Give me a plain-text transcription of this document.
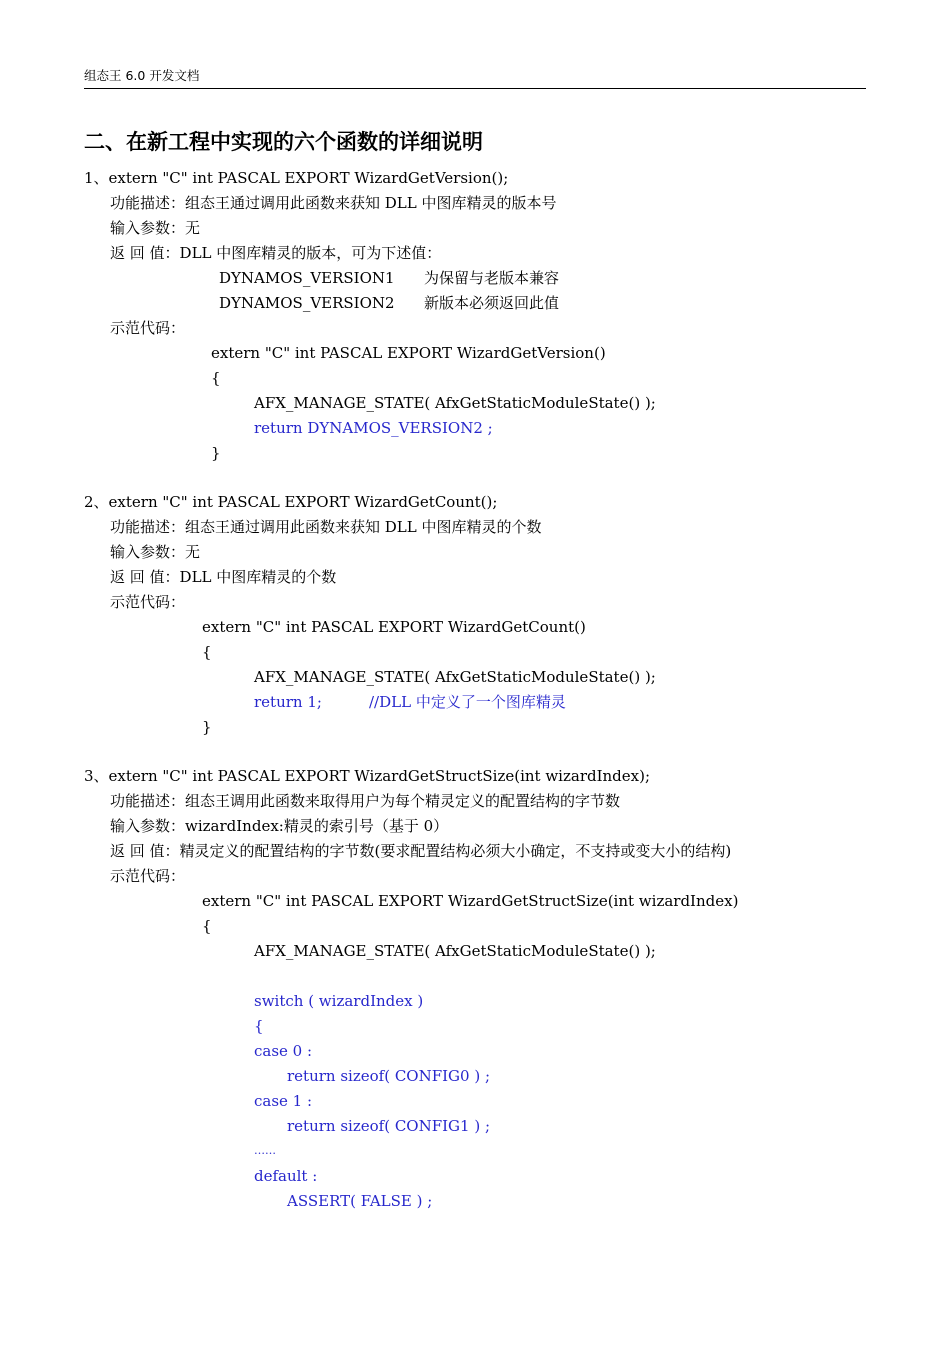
组态王 6.0 开发文档
二、在新工程中实现的六个函数的详细说明
1、extern "C" int PASCAL EXPORT WizardGetVersion();
功能描述：组态王通过调用此函数来获知 DLL 中图库精灵的版本号
输入参数：无
返 回 值：DLL 中图库精灵的版本，可为下述值：
DYNAMOS_VERSION1 为保留与老版本兼容
DYNAMOS_VERSION2 新版本必须返回此值
示范代码：
extern "C" int PASCAL EXPORT WizardGetVersion()
{
AFX_MANAGE_STATE( AfxGetStaticModuleState() );
return DYNAMOS_VERSION2 ;
}
2、extern "C" int PASCAL EXPORT WizardGetCount();
功能描述：组态王通过调用此函数来获知 DLL 中图库精灵的个数
输入参数：无
返 回 值：DLL 中图库精灵的个数
示范代码：
extern "C" int PASCAL EXPORT WizardGetCount()
{
AFX_MANAGE_STATE( AfxGetStaticModuleState() );
return 1;	//DLL 中定义了一个图库精灵
}
3、extern "C" int PASCAL EXPORT WizardGetStructSize(int wizardIndex);
功能描述：组态王调用此函数来取得用户为每个精灵定义的配置结构的字节数
输入参数：wizardIndex:精灵的索引号（基于 0）
返 回 值：精灵定义的配置结构的字节数(要求配置结构必须大小确定，不支持或变大小的结构)
示范代码：
extern "C" int PASCAL EXPORT WizardGetStructSize(int wizardIndex)
{
AFX_MANAGE_STATE( AfxGetStaticModuleState() );
switch ( wizardIndex )
{
case 0 :
return sizeof( CONFIG0 ) ;
case 1 :
return sizeof( CONFIG1 ) ;
……
default :
ASSERT( FALSE ) ;
